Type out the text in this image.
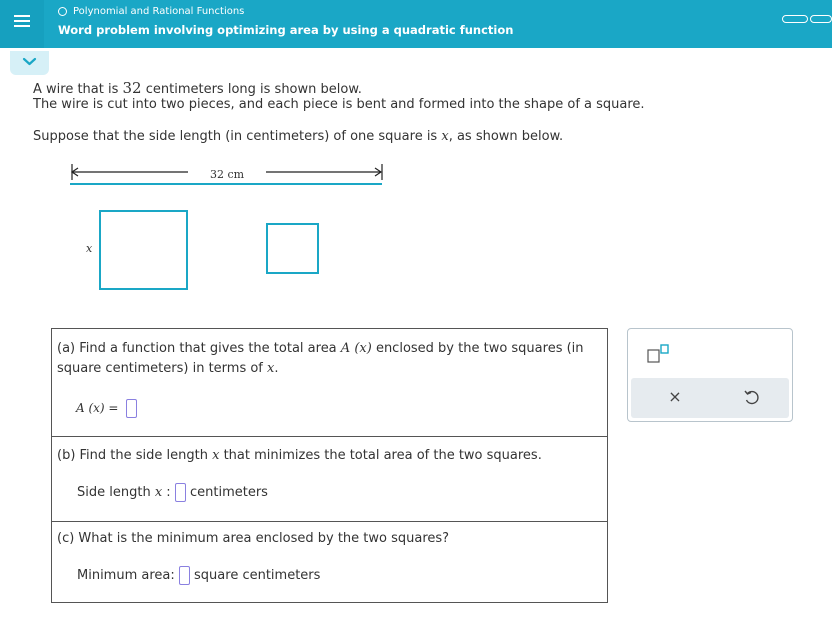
Polynomial and Rational Functions
Word problem involving optimizing area by using a quadratic function
A wire that is 32 centimeters long is shown below.
The wire is cut into two pieces, and each piece is bent and formed into the shape of a square.
Suppose that the side length (in centimeters) of one square is x, as shown below.
32 cm
x
(a) Find a function that gives the total area A (x) enclosed by the two squares (in
square centimeters) in terms of x.
A (x) =
(b) Find the side length x that minimizes the total area of the two squares.
Side length x : centimeters
(c) What is the minimum area enclosed by the two squares?
Minimum area: square centimeters
×
